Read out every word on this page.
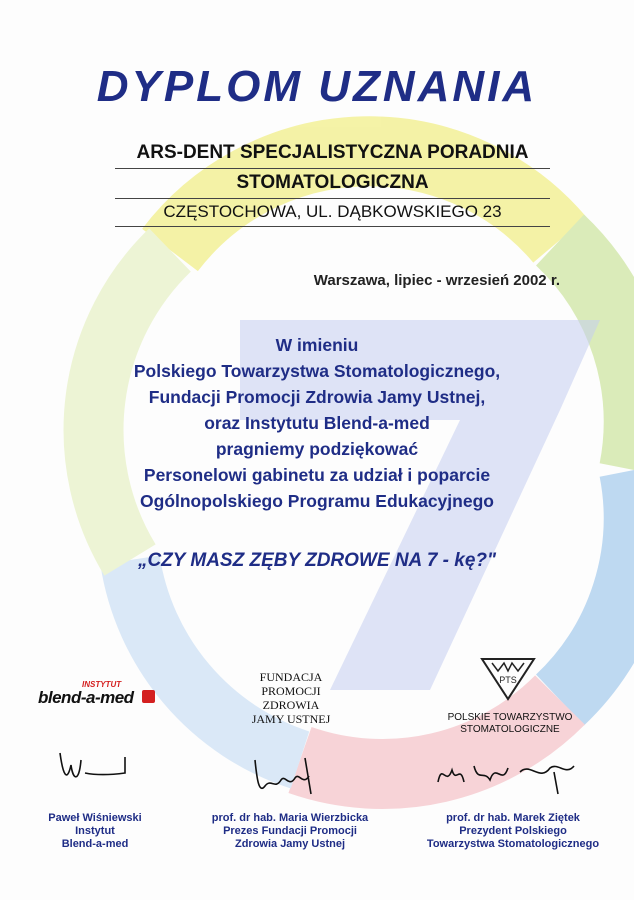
DYPLOM UZNANIA
ARS-DENT SPECJALISTYCZNA PORADNIA
STOMATOLOGICZNA
CZĘSTOCHOWA, UL. DĄBKOWSKIEGO 23
Warszawa, lipiec - wrzesień 2002 r.
W imieniu
Polskiego Towarzystwa Stomatologicznego,
Fundacji Promocji Zdrowia Jamy Ustnej,
oraz Instytutu Blend-a-med
pragniemy podziękować
Personelowi gabinetu za udział i poparcie
Ogólnopolskiego Programu Edukacyjnego
„CZY MASZ ZĘBY ZDROWE NA 7 - kę?"
INSTYTUT
blend-a-med
FUNDACJA
PROMOCJI
ZDROWIA
JAMY USTNEJ
PTS
POLSKIE TOWARZYSTWO
STOMATOLOGICZNE
Paweł Wiśniewski
Instytut
Blend-a-med
prof. dr hab. Maria Wierzbicka
Prezes Fundacji Promocji
Zdrowia Jamy Ustnej
prof. dr hab. Marek Ziętek
Prezydent Polskiego
Towarzystwa Stomatologicznego
